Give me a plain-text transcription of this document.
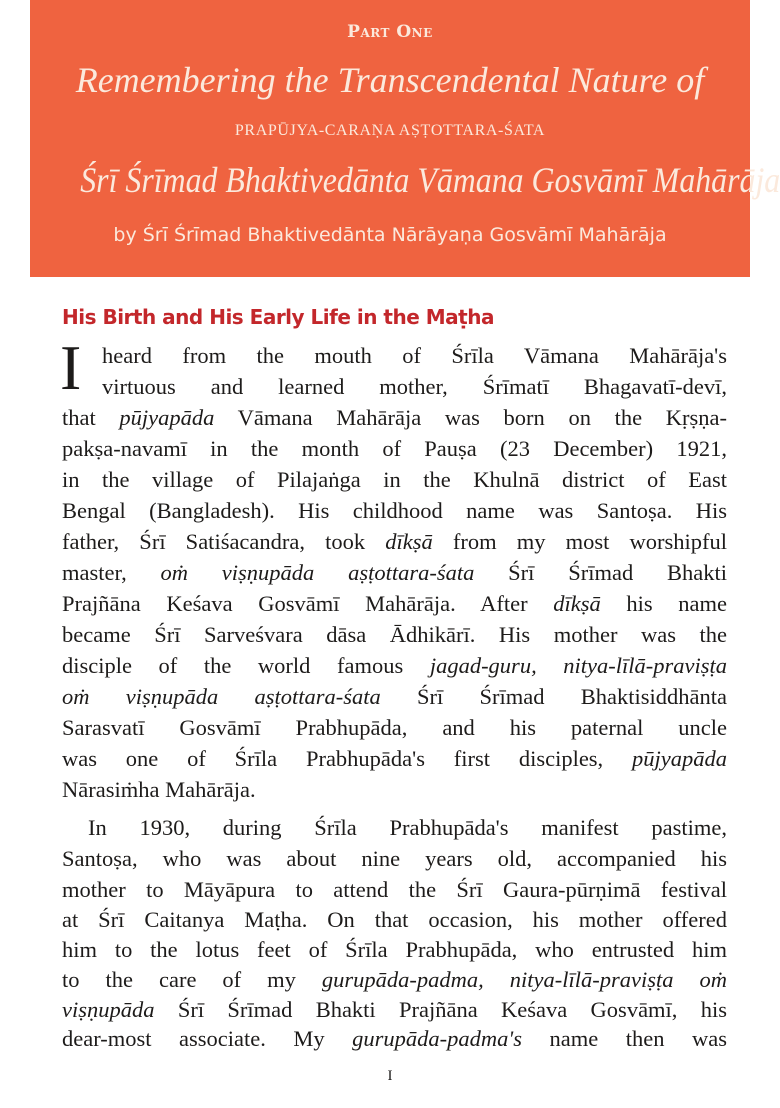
Part One
Remembering the Transcendental Nature of
PRAPŪJYA-CARAṆA AṢṬOTTARA-ŚATA
Śrī Śrīmad Bhaktivedānta Vāmana Gosvāmī Mahārāja
by Śrī Śrīmad Bhaktivedānta Nārāyaṇa Gosvāmī Mahārāja
His Birth and His Early Life in the Maṭha
I heard from the mouth of Śrīla Vāmana Mahārāja's
virtuous and learned mother, Śrīmatī Bhagavatī-devī,
that pūjyapāda Vāmana Mahārāja was born on the Kṛṣṇa-
pakṣa-navamī in the month of Pauṣa (23 December) 1921,
in the village of Pilajaṅga in the Khulnā district of East
Bengal (Bangladesh). His childhood name was Santoṣa. His
father, Śrī Satiśacandra, took dīkṣā from my most worshipful
master, oṁ viṣṇupāda aṣṭottara-śata Śrī Śrīmad Bhakti
Prajñāna Keśava Gosvāmī Mahārāja. After dīkṣā his name
became Śrī Sarveśvara dāsa Ādhikārī. His mother was the
disciple of the world famous jagad-guru, nitya-līlā-praviṣṭa
oṁ viṣṇupāda aṣṭottara-śata Śrī Śrīmad Bhaktisiddhānta
Sarasvatī Gosvāmī Prabhupāda, and his paternal uncle
was one of Śrīla Prabhupāda's first disciples, pūjyapāda
Nārasiṁha Mahārāja.
In 1930, during Śrīla Prabhupāda's manifest pastime,
Santoṣa, who was about nine years old, accompanied his
mother to Māyāpura to attend the Śrī Gaura-pūrṇimā festival
at Śrī Caitanya Maṭha. On that occasion, his mother offered
him to the lotus feet of Śrīla Prabhupāda, who entrusted him
to the care of my gurupāda-padma, nitya-līlā-praviṣṭa oṁ
viṣṇupāda Śrī Śrīmad Bhakti Prajñāna Keśava Gosvāmī, his
dear-most associate. My gurupāda-padma's name then was
I
